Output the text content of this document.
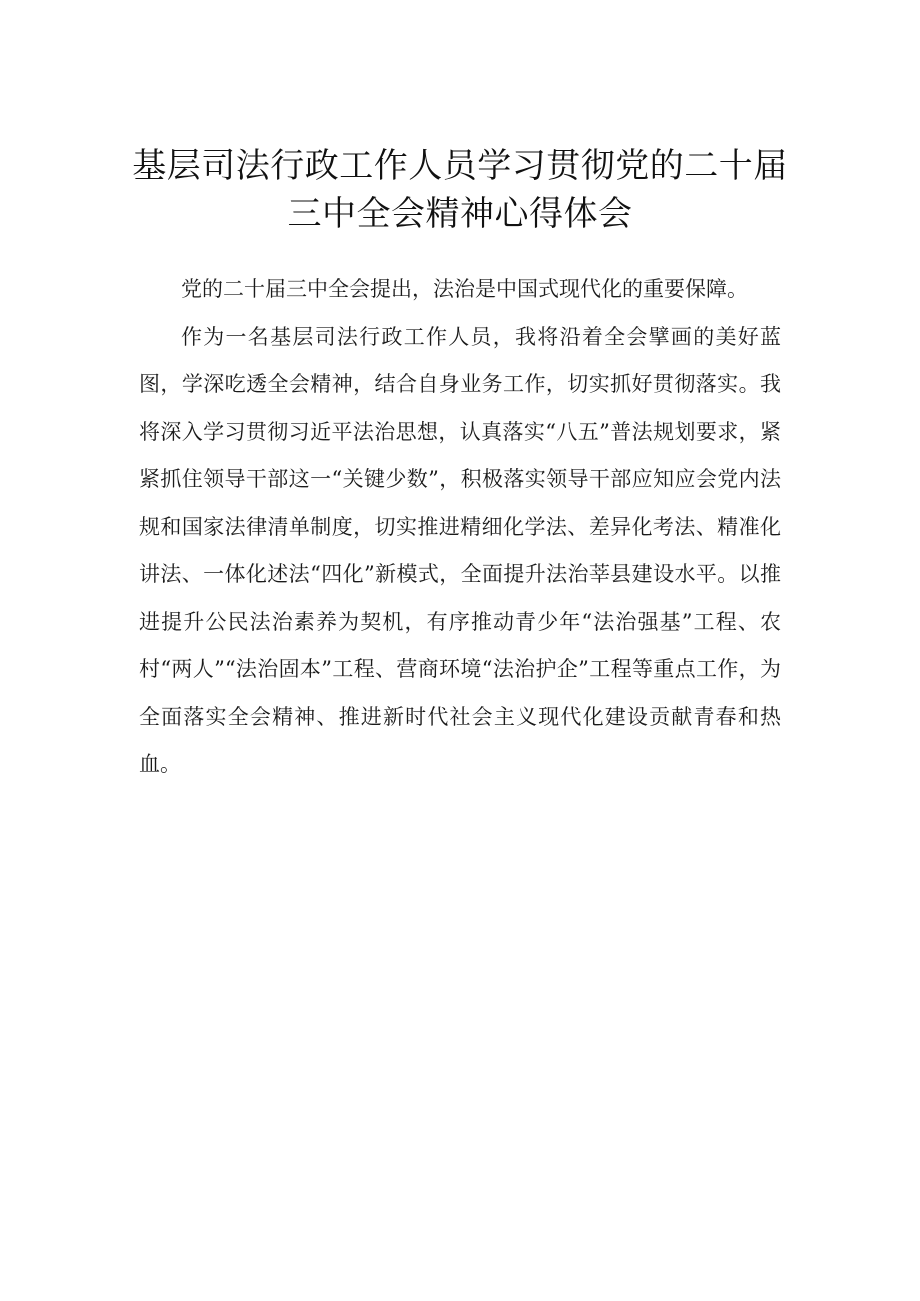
基层司法行政工作人员学习贯彻党的二十届
三中全会精神心得体会

党的二十届三中全会提出，法治是中国式现代化的重要保障。

作为一名基层司法行政工作人员，我将沿着全会擘画的美好蓝图，学深吃透全会精神，结合自身业务工作，切实抓好贯彻落实。我将深入学习贯彻习近平法治思想，认真落实“八五”普法规划要求，紧紧抓住领导干部这一“关键少数”，积极落实领导干部应知应会党内法规和国家法律清单制度，切实推进精细化学法、差异化考法、精准化讲法、一体化述法“四化”新模式，全面提升法治莘县建设水平。以推进提升公民法治素养为契机，有序推动青少年“法治强基”工程、农村“两人”“法治固本”工程、营商环境“法治护企”工程等重点工作，为全面落实全会精神、推进新时代社会主义现代化建设贡献青春和热血。
